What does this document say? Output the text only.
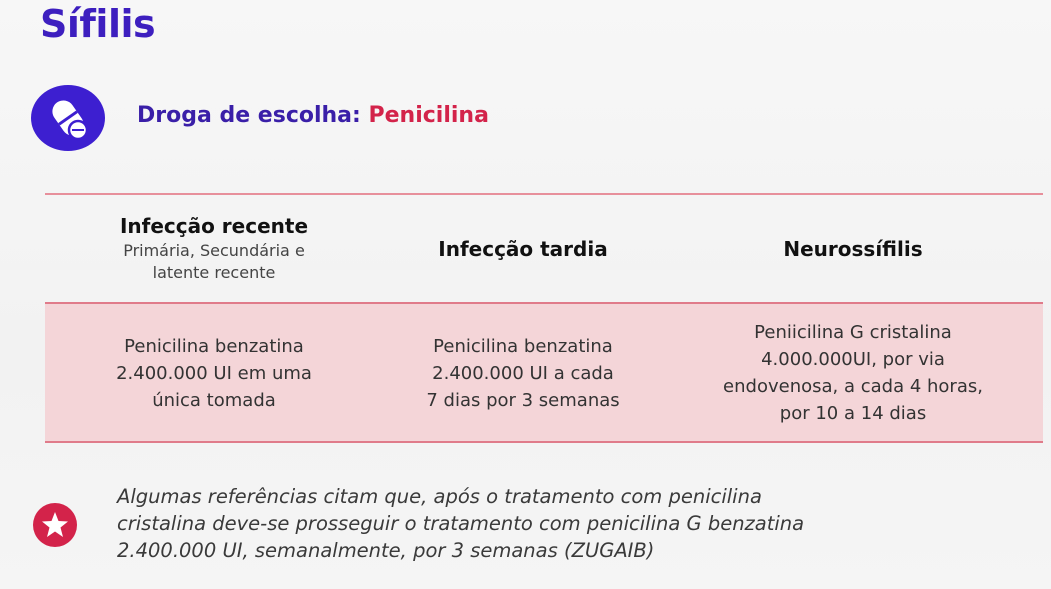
Sífilis
Droga de escolha: Penicilina
Infecção recente
Primária, Secundária e
latente recente
Infecção tardia	Neurossífilis
Penicilina benzatina
2.400.000 UI em uma
única tomada
Penicilina benzatina
2.400.000 UI a cada
7 dias por 3 semanas
Peniicilina G cristalina
4.000.000UI, por via
endovenosa, a cada 4 horas,
por 10 a 14 dias
Algumas referências citam que, após o tratamento com penicilina
cristalina deve-se prosseguir o tratamento com penicilina G benzatina
2.400.000 UI, semanalmente, por 3 semanas (ZUGAIB)
